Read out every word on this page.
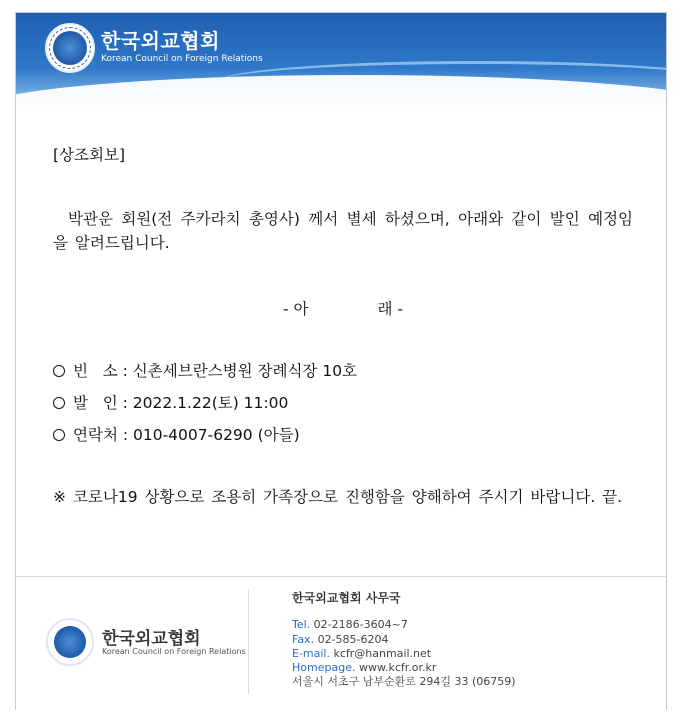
한국외교협회
Korean Council on Foreign Relations

[상조회보]

박관운 회원(전 주카라치 총영사) 께서 별세 하셨으며, 아래와 같이 발인 예정임을 알려드립니다.
- 아              래 -
빈   소 : 신촌세브란스병원 장례식장 10호
발   인 : 2022.1.22(토) 11:00
연락처 : 010-4007-6290 (아들)
※ 코로나19 상황으로 조용히 가족장으로 진행함을 양해하여 주시기 바랍니다. 끝.
한국외교협회
Korean Council on Foreign Relations
한국외교협회 사무국
Tel. 02-2186-3604~7
Fax. 02-585-6204
E-mail. kcfr@hanmail.net
Homepage. www.kcfr.or.kr
서울시 서초구 남부순환로 294길 33 (06759)
